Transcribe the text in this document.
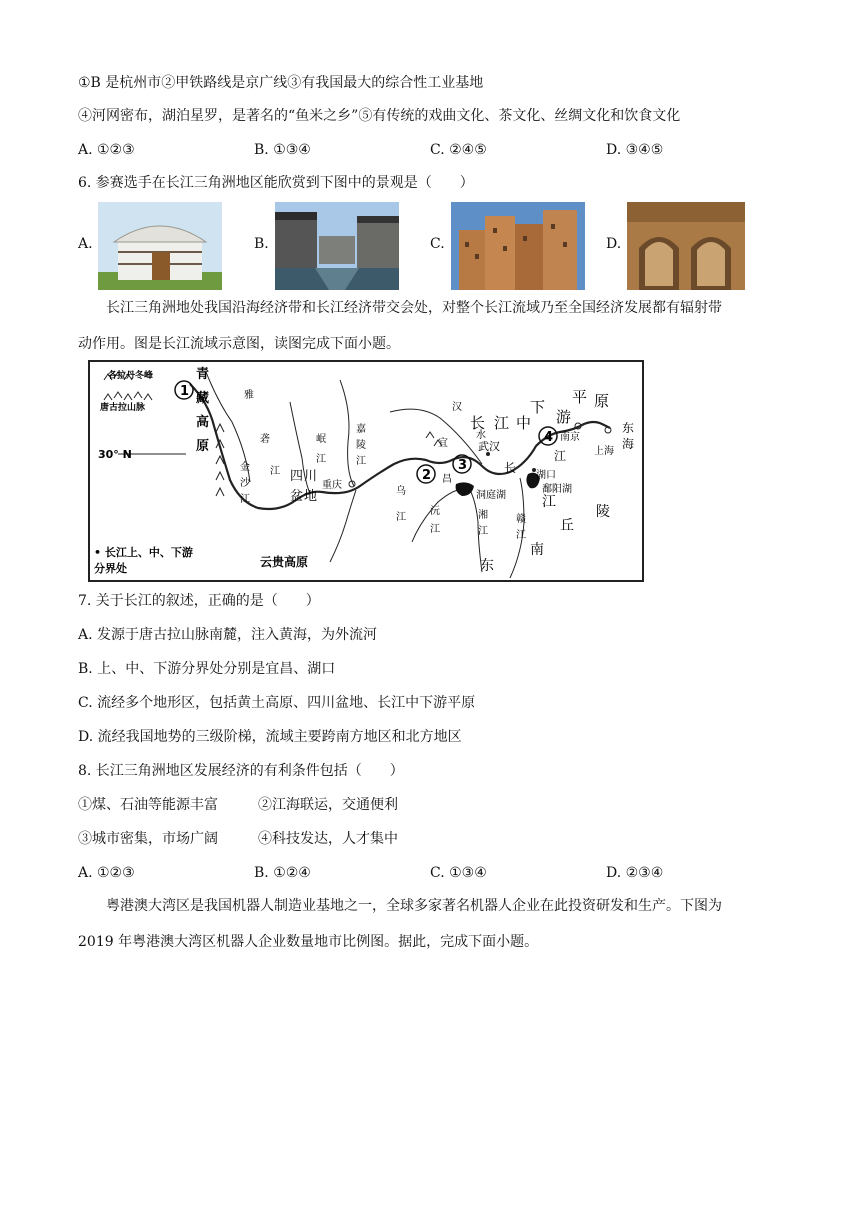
①B 是杭州市②甲铁路线是京广线③有我国最大的综合性工业基地
④河网密布，湖泊星罗，是著名的“鱼米之乡”⑤有传统的戏曲文化、茶文化、丝绸文化和饮食文化
A. ①②③	B. ①③④	C. ②④⑤	D. ③④⑤
6. 参赛选手在长江三角洲地区能欣赏到下图中的景观是（　　）
A.	B.	C.	D.
长江三角洲地处我国沿海经济带和长江经济带交会处，对整个长江流域乃至全国经济发展都有辐射带
动作用。图是长江流域示意图，读图完成下面小题。
1
2
3
4
各拉丹冬峰
唐古拉山脉
青
藏
高
原
30° N
金
沙
江
雅
砻
江
岷
江
嘉
陵
江
四 川
盆 地
重庆
乌
江
沅
江
湘
江
赣
江
汉
水
宜
昌
武汉
洞庭湖
湖口
鄱阳湖
南京
上海
东
海
长 江 中
下
游
平 原
江
长
江
南
丘
陵
东
云贵高原
• 长江上、中、下游
分界处
7. 关于长江的叙述，正确的是（　　）
A. 发源于唐古拉山脉南麓，注入黄海，为外流河
B. 上、中、下游分界处分别是宜昌、湖口
C. 流经多个地形区，包括黄土高原、四川盆地、长江中下游平原
D. 流经我国地势的三级阶梯，流域主要跨南方地区和北方地区
8. 长江三角洲地区发展经济的有利条件包括（　　）
①煤、石油等能源丰富	②江海联运，交通便利
③城市密集，市场广阔	④科技发达，人才集中
A. ①②③	B. ①②④	C. ①③④	D. ②③④
粤港澳大湾区是我国机器人制造业基地之一，全球多家著名机器人企业在此投资研发和生产。下图为
2019 年粤港澳大湾区机器人企业数量地市比例图。据此，完成下面小题。
